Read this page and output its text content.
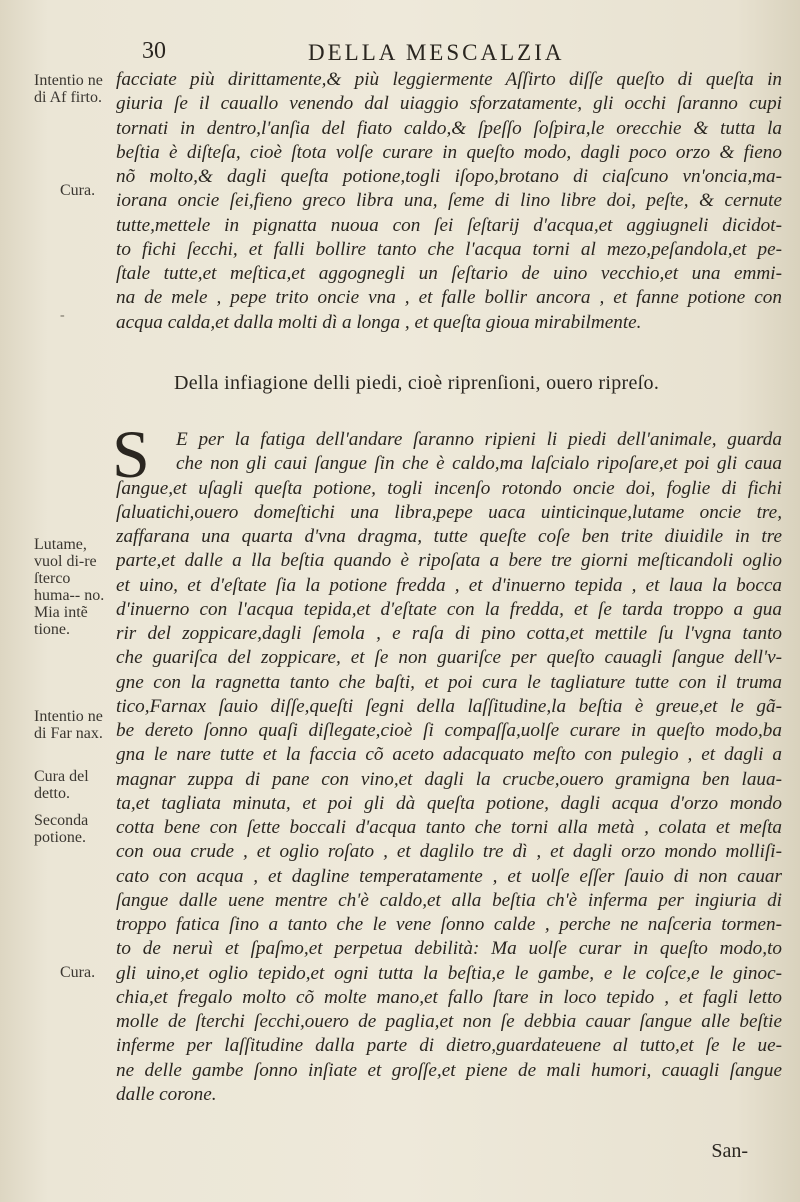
30	DELLA MESCALZIA
Intentio ne di Af firto.
Cura.
-
facciate più dirittamente,& più leggiermente Aſſirto diſſe queſto di queſta in
giuria ſe il cauallo venendo dal uiaggio sforzatamente, gli occhi ſaranno cupi
tornati in dentro,l'anſia del fiato caldo,& ſpeſſo ſoſpira,le orecchie & tutta la
beſtia è diſteſa, cioè ſtota volſe curare in queſto modo, dagli poco orzo & fieno
nõ molto,& dagli queſta potione,togli iſopo,brotano di ciaſcuno vn'oncia,ma-
iorana oncie ſei,fieno greco libra una, ſeme di lino libre doi, peſte, & cernute
tutte,mettele in pignatta nuoua con ſei ſeſtarij d'acqua,et aggiugneli dicidot-
to fichi ſecchi, et falli bollire tanto che l'acqua torni al mezo,peſandola,et pe-
ſtale tutte,et meſtica,et aggognegli un ſeſtario de uino vecchio,et una emmi-
na de mele , pepe trito oncie vna , et falle bollir ancora , et fanne potione con
acqua calda,et dalla molti dì a longa , et queſta gioua mirabilmente.
Della infiagione delli piedi, cioè riprenſioni, ouero ripreſo.
S
Lutame, vuol di-re ſterco huma-- no. Mia intẽ tione.
Intentio ne di Far nax.
Cura del detto.
Seconda potione.
Cura.
E per la fatiga dell'andare ſaranno ripieni li piedi dell'animale, guarda
che non gli caui ſangue ſin che è caldo,ma laſcialo ripoſare,et poi gli caua
ſangue,et uſagli queſta potione, togli incenſo rotondo oncie doi, foglie di fichi
ſaluatichi,ouero domeſtichi una libra,pepe uaca uinticinque,lutame oncie tre,
zaffarana una quarta d'vna dragma, tutte queſte coſe ben trite diuidile in tre
parte,et dalle a lla beſtia quando è ripoſata a bere tre giorni meſticandoli oglio
et uino, et d'eſtate ſia la potione fredda , et d'inuerno tepida , et laua la bocca
d'inuerno con l'acqua tepida,et d'eſtate con la fredda, et ſe tarda troppo a gua
rir del zoppicare,dagli ſemola , e raſa di pino cotta,et mettile ſu l'vgna tanto
che guariſca del zoppicare, et ſe non guariſce per queſto cauagli ſangue dell'v-
gne con la ragnetta tanto che baſti, et poi cura le tagliature tutte con il truma
tico,Farnax ſauio diſſe,queſti ſegni della laſſitudine,la beſtia è greue,et le gã-
be dereto ſonno quaſi diſlegate,cioè ſi compaſſa,uolſe curare in queſto modo,ba
gna le nare tutte et la faccia cõ aceto adacquato meſto con pulegio , et dagli a
magnar zuppa di pane con vino,et dagli la crucbe,ouero gramigna ben laua-
ta,et tagliata minuta, et poi gli dà queſta potione, dagli acqua d'orzo mondo
cotta bene con ſette boccali d'acqua tanto che torni alla metà , colata et meſta
con oua crude , et oglio roſato , et daglilo tre dì , et dagli orzo mondo molliſi-
cato con acqua , et dagline temperatamente , et uolſe eſſer ſauio di non cauar
ſangue dalle uene mentre ch'è caldo,et alla beſtia ch'è inferma per ingiuria di
troppo fatica ſino a tanto che le vene ſonno calde , perche ne naſceria tormen-
to de neruì et ſpaſmo,et perpetua debilità: Ma uolſe curar in queſto modo,to
gli uino,et oglio tepido,et ogni tutta la beſtia,e le gambe, e le coſce,e le ginoc-
chia,et fregalo molto cõ molte mano,et fallo ſtare in loco tepido , et fagli letto
molle de ſterchi ſecchi,ouero de paglia,et non ſe debbia cauar ſangue alle beſtie
inferme per laſſitudine dalla parte di dietro,guardateuene al tutto,et ſe le ue-
ne delle gambe ſonno inſiate et groſſe,et piene de mali humori, cauagli ſangue
dalle corone.
San-
